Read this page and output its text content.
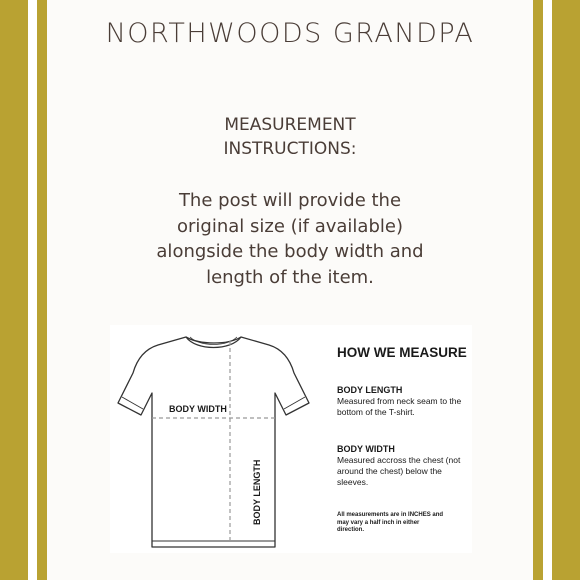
NORTHWOODS GRANDPA
MEASUREMENT
INSTRUCTIONS:
The post will provide the
original size (if available)
alongside the body width and
length of the item.
BODY WIDTH
BODY LENGTH
HOW WE MEASURE
BODY LENGTH
Measured from neck seam to the bottom of the T-shirt.
BODY WIDTH
Measured accross the chest (not around the chest) below the sleeves.
All measurements are in INCHES and may vary a half inch in either direction.
